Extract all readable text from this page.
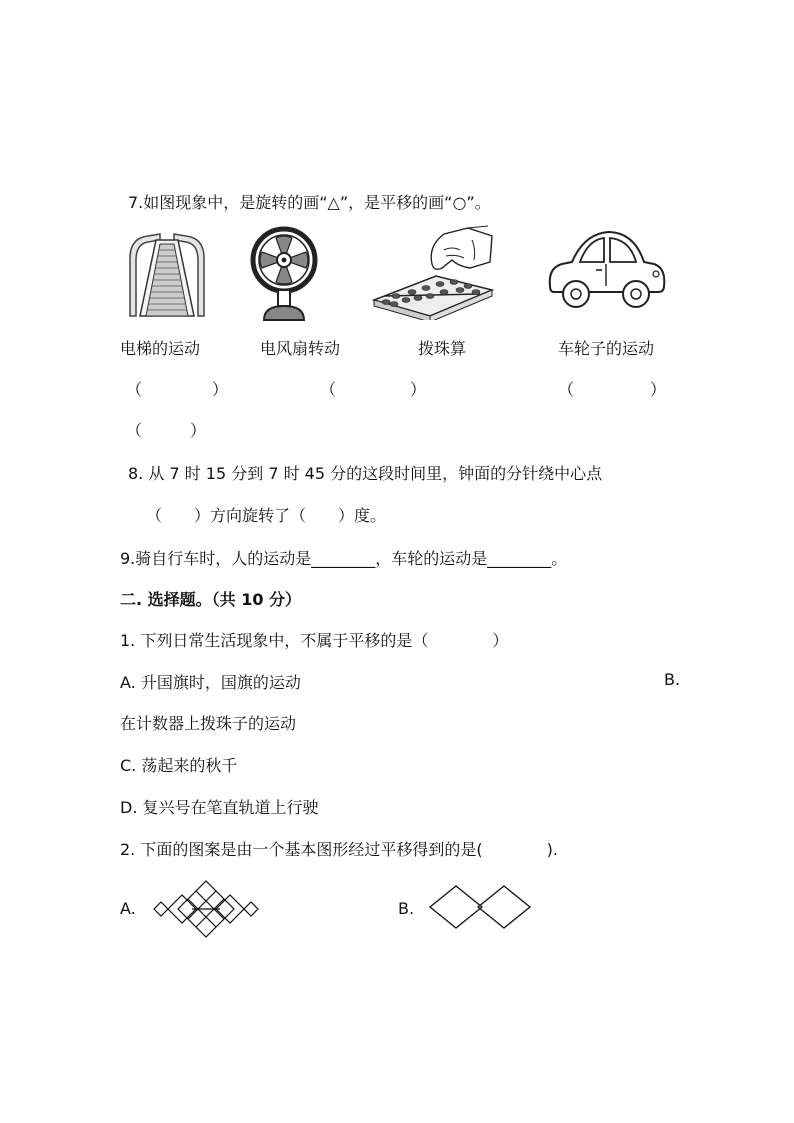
7.如图现象中，是旋转的画“△”，是平移的画“○”。
电梯的运动	电风扇转动	拨珠算	车轮子的运动
（	）	（	）	（	）
（	）
8. 从 7 时 15 分到 7 时 45 分的这段时间里，钟面的分针绕中心点
（　　）方向旋转了（　　）度。
9.骑自行车时，人的运动是________，车轮的运动是________。
二. 选择题。（共 10 分）
1. 下列日常生活现象中，不属于平移的是（　　　　）
A. 升国旗时，国旗的运动	B.
在计数器上拨珠子的运动
C. 荡起来的秋千
D. 复兴号在笔直轨道上行驶
2. 下面的图案是由一个基本图形经过平移得到的是(　　　　).
A.	B.
